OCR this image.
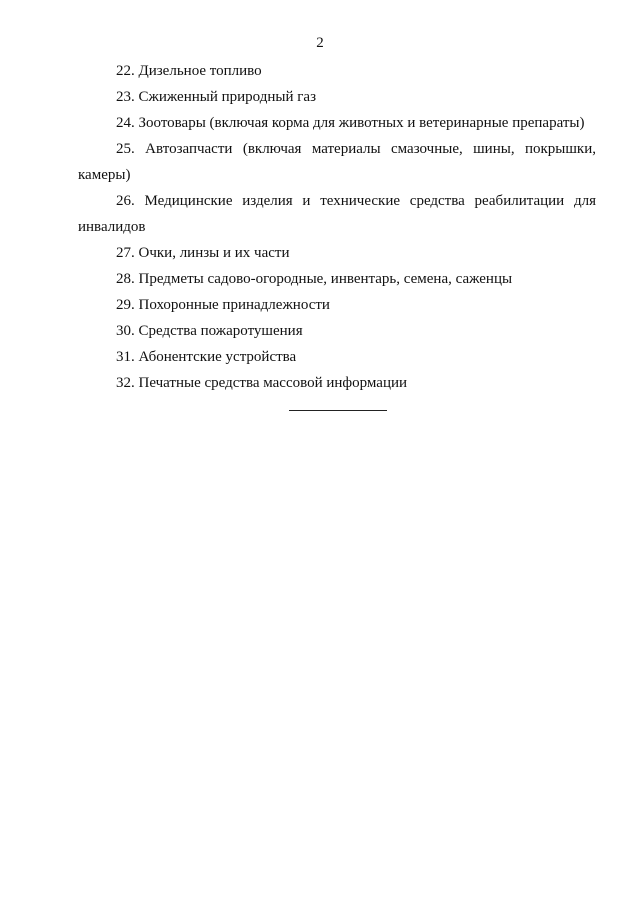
2
22. Дизельное топливо
23. Сжиженный природный газ
24. Зоотовары (включая корма для животных и ветеринарные препараты)
25. Автозапчасти (включая материалы смазочные, шины, покрышки, камеры)
26. Медицинские изделия и технические средства реабилитации для инвалидов
27. Очки, линзы и их части
28. Предметы садово-огородные, инвентарь, семена, саженцы
29. Похоронные принадлежности
30. Средства пожаротушения
31. Абонентские устройства
32. Печатные средства массовой информации
